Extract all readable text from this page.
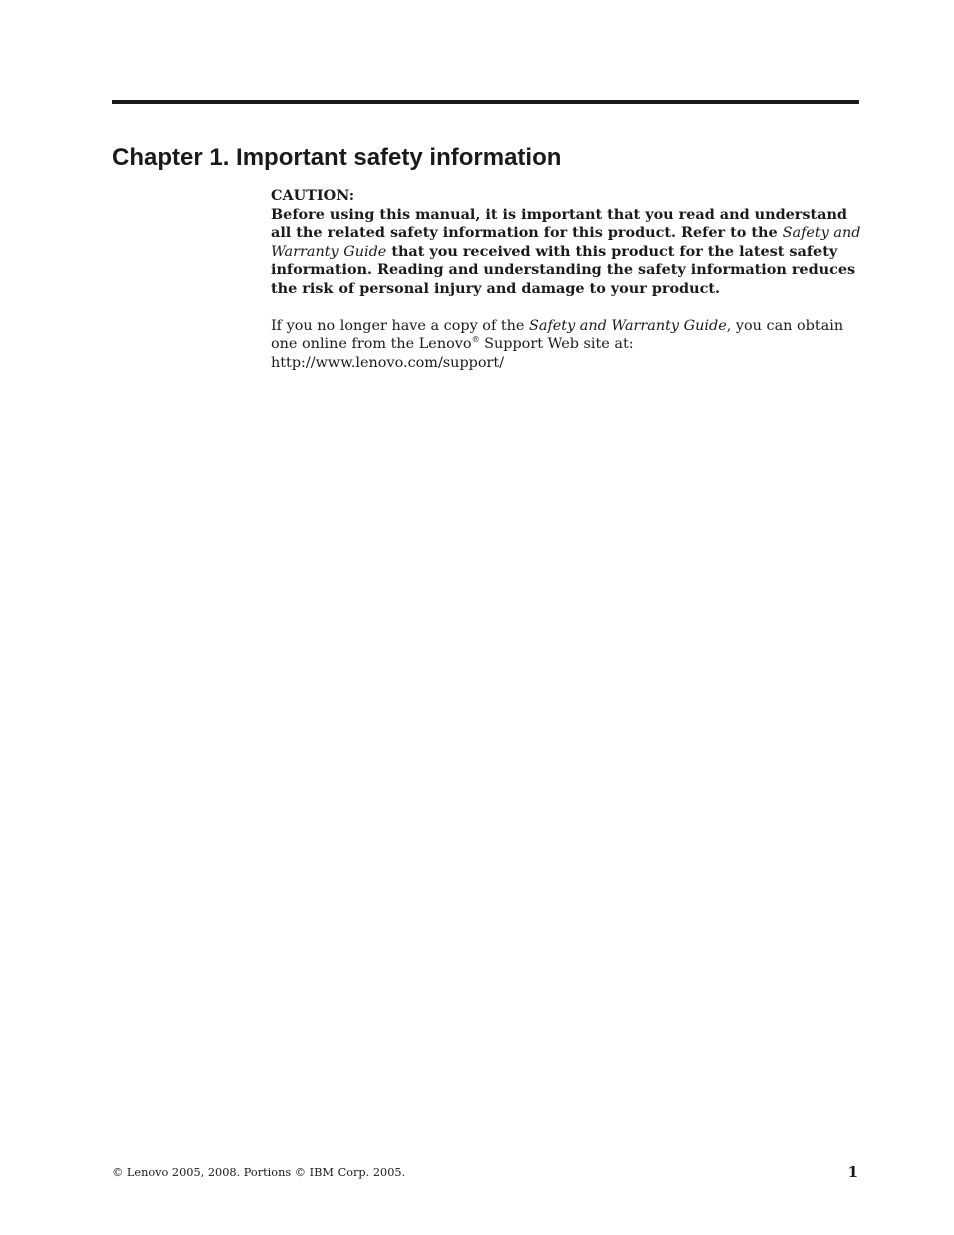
Chapter 1. Important safety information
CAUTION:
Before using this manual, it is important that you read and understand all the related safety information for this product. Refer to the Safety and Warranty Guide that you received with this product for the latest safety information. Reading and understanding the safety information reduces the risk of personal injury and damage to your product.
If you no longer have a copy of the Safety and Warranty Guide, you can obtain one online from the Lenovo® Support Web site at:
http://www.lenovo.com/support/
© Lenovo 2005, 2008. Portions © IBM Corp. 2005.	1
